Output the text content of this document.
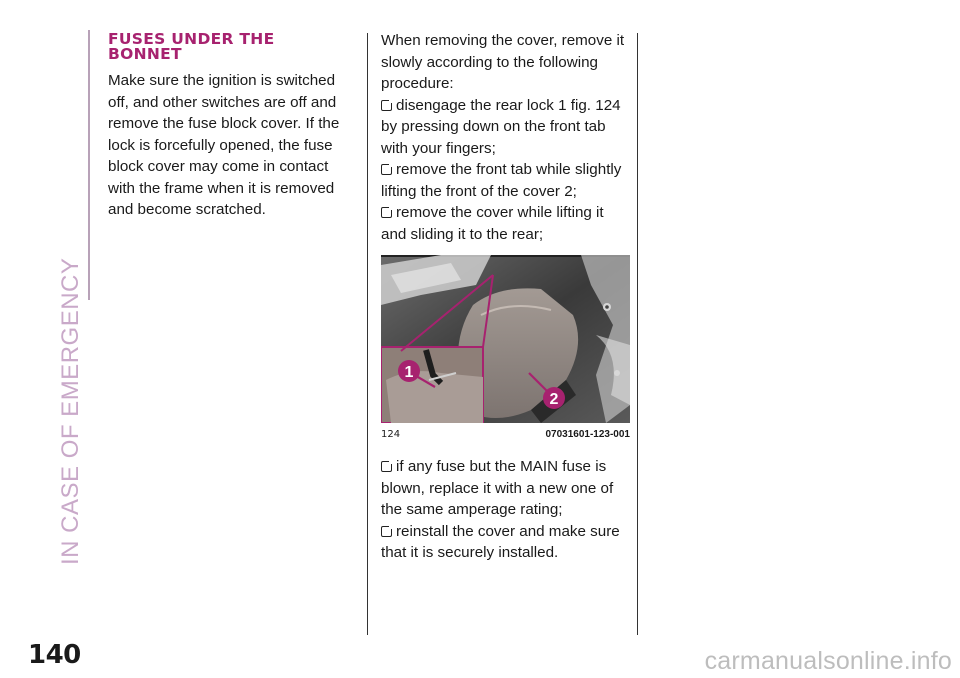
IN CASE OF EMERGENCY
FUSES UNDER THE
BONNET

Make sure the ignition is switched off, and other switches are off and remove the fuse block cover. If the lock is forcefully opened, the fuse block cover may come in contact with the frame when it is removed and become scratched.

When removing the cover, remove it slowly according to the following procedure:

disengage the rear lock 1 fig. 124 by pressing down on the front tab with your fingers;

remove the front tab while slightly lifting the front of the cover 2;

remove the cover while lifting it and sliding it to the rear;

1
2
124	07031601-123-001

if any fuse but the MAIN fuse is blown, replace it with a new one of the same amperage rating;

reinstall the cover and make sure that it is securely installed.

140	carmanualsonline.info
